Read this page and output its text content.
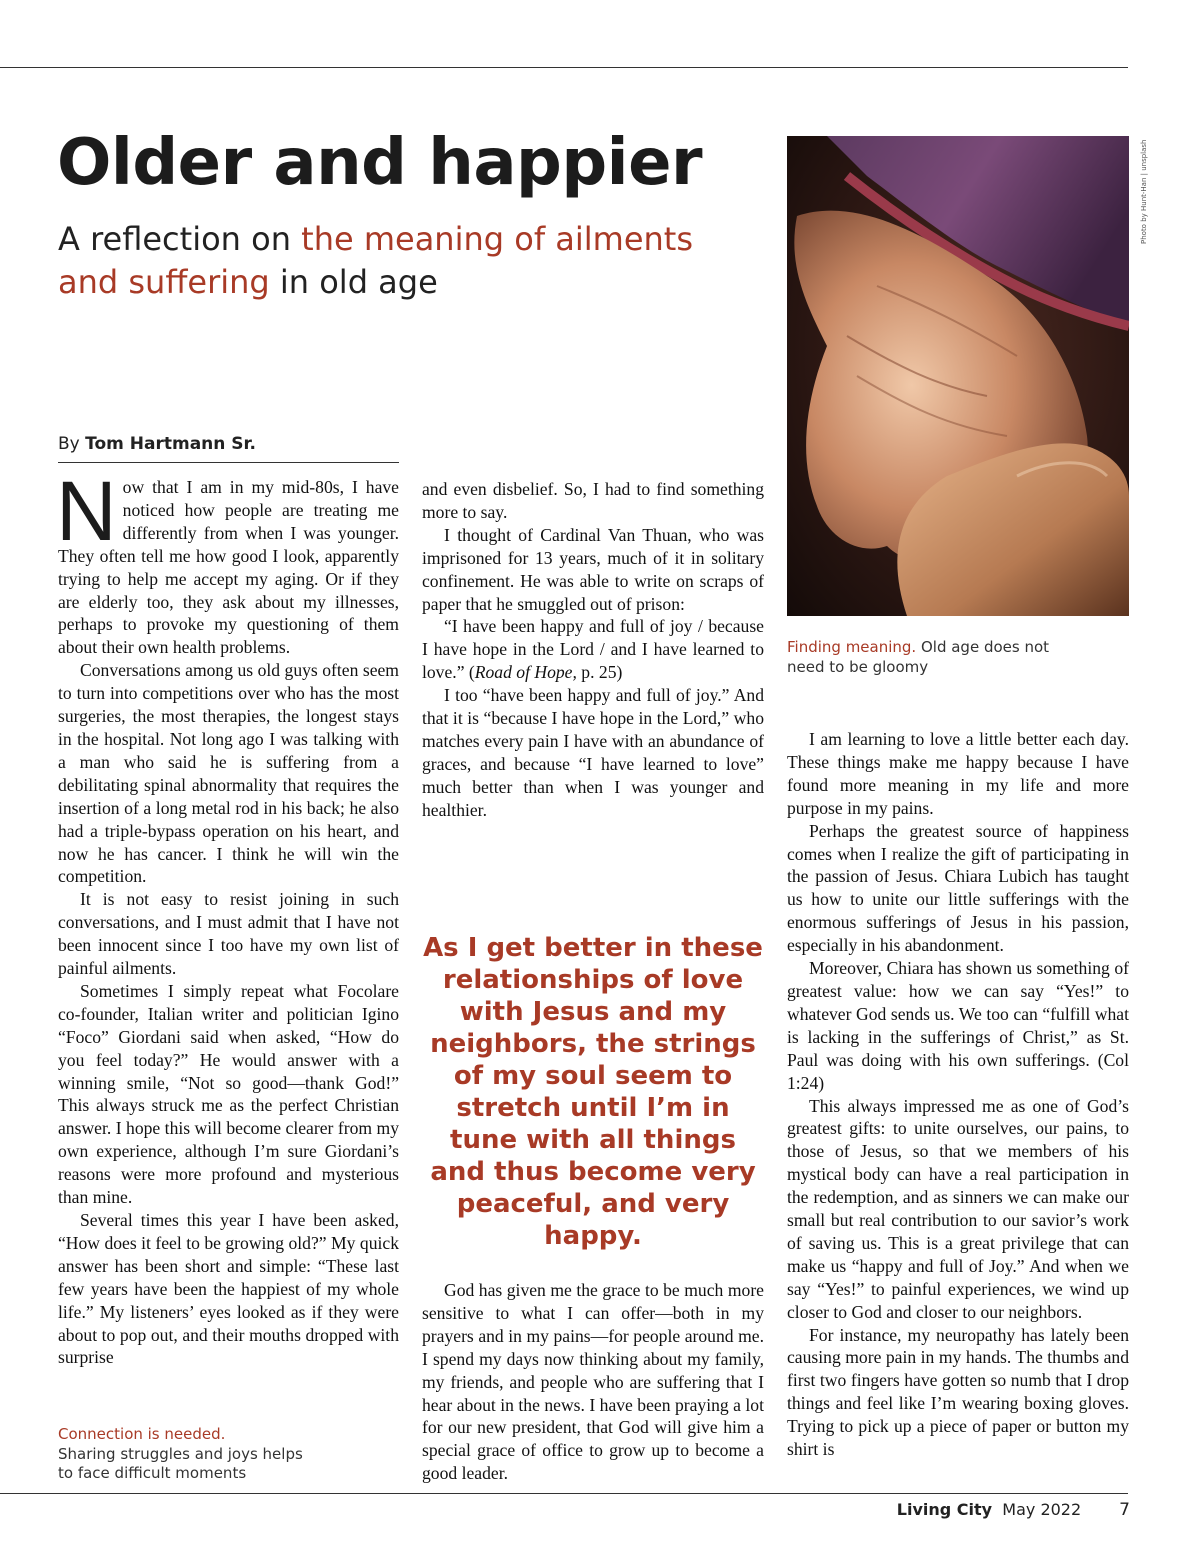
Older and happier
A reflection on the meaning of ailments and suffering in old age
By Tom Hartmann Sr.

Now that I am in my mid-80s, I have noticed how people are treating me differently from when I was younger. They often tell me how good I look, apparently trying to help me accept my aging. Or if they are elderly too, they ask about my illnesses, perhaps to provoke my questioning of them about their own health problems.

Conversations among us old guys often seem to turn into competitions over who has the most surgeries, the most therapies, the longest stays in the hospital. Not long ago I was talking with a man who said he is suffering from a debilitating spinal abnormality that requires the insertion of a long metal rod in his back; he also had a triple-bypass operation on his heart, and now he has cancer. I think he will win the competition.

It is not easy to resist joining in such conversations, and I must admit that I have not been innocent since I too have my own list of painful ailments.

Sometimes I simply repeat what Focolare co-founder, Italian writer and politician Igino “Foco” Giordani said when asked, “How do you feel today?” He would answer with a winning smile, “Not so good—thank God!” This always struck me as the perfect Christian answer. I hope this will become clearer from my own experience, although I’m sure Giordani’s reasons were more profound and mysterious than mine.

Several times this year I have been asked, “How does it feel to be growing old?” My quick answer has been short and simple: “These last few years have been the happiest of my whole life.” My listeners’ eyes looked as if they were about to pop out, and their mouths dropped with surprise

Connection is needed.
Sharing struggles and joys helps
to face difficult moments

and even disbelief. So, I had to find something more to say.

I thought of Cardinal Van Thuan, who was imprisoned for 13 years, much of it in solitary confinement. He was able to write on scraps of paper that he smuggled out of prison:

“I have been happy and full of joy / because I have hope in the Lord / and I have learned to love.” (Road of Hope, p. 25)

I too “have been happy and full of joy.” And that it is “because I have hope in the Lord,” who matches every pain I have with an abundance of graces, and because “I have learned to love” much better than when I was younger and healthier.

As I get better in these relationships of love with Jesus and my neighbors, the strings of my soul seem to stretch until I’m in tune with all things and thus become very peaceful, and very happy.

God has given me the grace to be much more sensitive to what I can offer—both in my prayers and in my pains—for people around me. I spend my days now thinking about my family, my friends, and people who are suffering that I hear about in the news. I have been praying a lot for our new president, that God will give him a special grace of office to grow up to become a good leader.

Photo by Hunt-Han | unsplash
Finding meaning. Old age does not need to be gloomy

I am learning to love a little better each day. These things make me happy because I have found more meaning in my life and more purpose in my pains.

Perhaps the greatest source of happiness comes when I realize the gift of participating in the passion of Jesus. Chiara Lubich has taught us how to unite our little sufferings with the enormous sufferings of Jesus in his passion, especially in his abandonment.

Moreover, Chiara has shown us something of greatest value: how we can say “Yes!” to whatever God sends us. We too can “fulfill what is lacking in the sufferings of Christ,” as St. Paul was doing with his own sufferings. (Col 1:24)

This always impressed me as one of God’s greatest gifts: to unite ourselves, our pains, to those of Jesus, so that we members of his mystical body can have a real participation in the redemption, and as sinners we can make our small but real contribution to our savior’s work of saving us. This is a great privilege that can make us “happy and full of Joy.” And when we say “Yes!” to painful experiences, we wind up closer to God and closer to our neighbors.

For instance, my neuropathy has lately been causing more pain in my hands. The thumbs and first two fingers have gotten so numb that I drop things and feel like I’m wearing boxing gloves. Trying to pick up a piece of paper or button my shirt is

Living City May 2022 7
